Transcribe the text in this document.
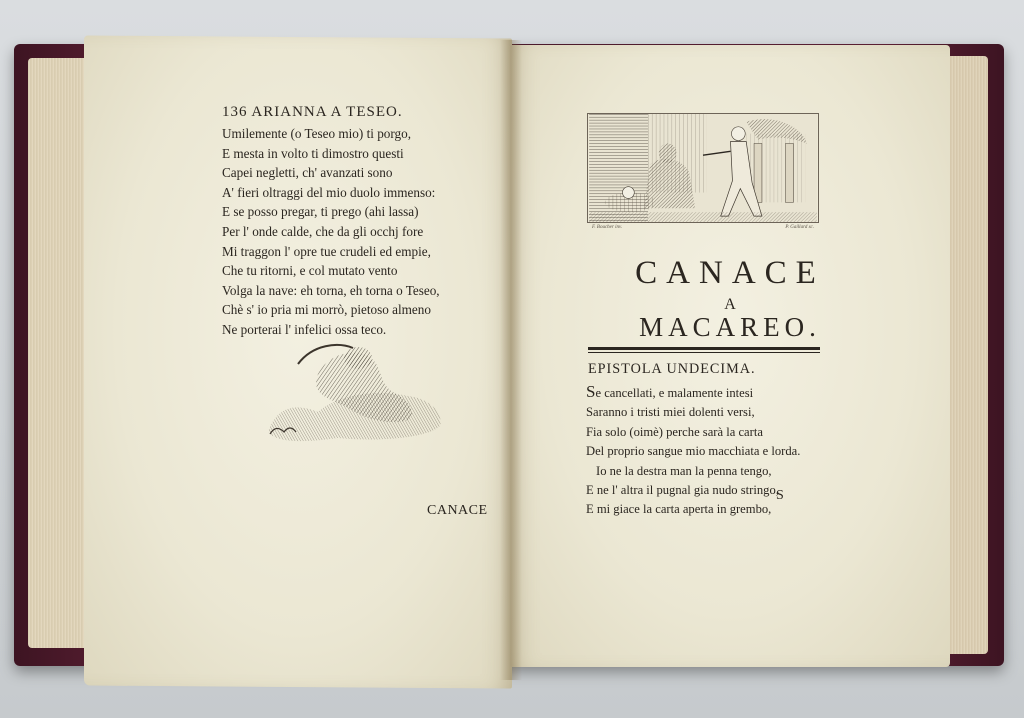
136 ARIANNA A TESEO.
Umilemente (o Teseo mio) ti porgo,
E mesta in volto ti dimostro questi
Capei negletti, ch' avanzati sono
A' fieri oltraggi del mio duolo immenso:
E se posso pregar, ti prego (ahi lassa)
Per l' onde calde, che da gli occhj fore
Mi traggon l' opre tue crudeli ed empie,
Che tu ritorni, e col mutato vento
Volga la nave: eh torna, eh torna o Teseo,
Chè s' io pria mi morrò, pietoso almeno
Ne porterai l' infelici ossa teco.
CANACE
F. Boucher inv.	P. Gaillard sc.
CANACE
A
MACAREO.
EPISTOLA UNDECIMA.
Se cancellati, e malamente intesi
Saranno i tristi miei dolenti versi,
Fia solo (oimè) perche sarà la carta
Del proprio sangue mio macchiata e lorda.
Io ne la destra man la penna tengo,
E ne l' altra il pugnal gia nudo stringo,
E mi giace la carta aperta in grembo,
S
